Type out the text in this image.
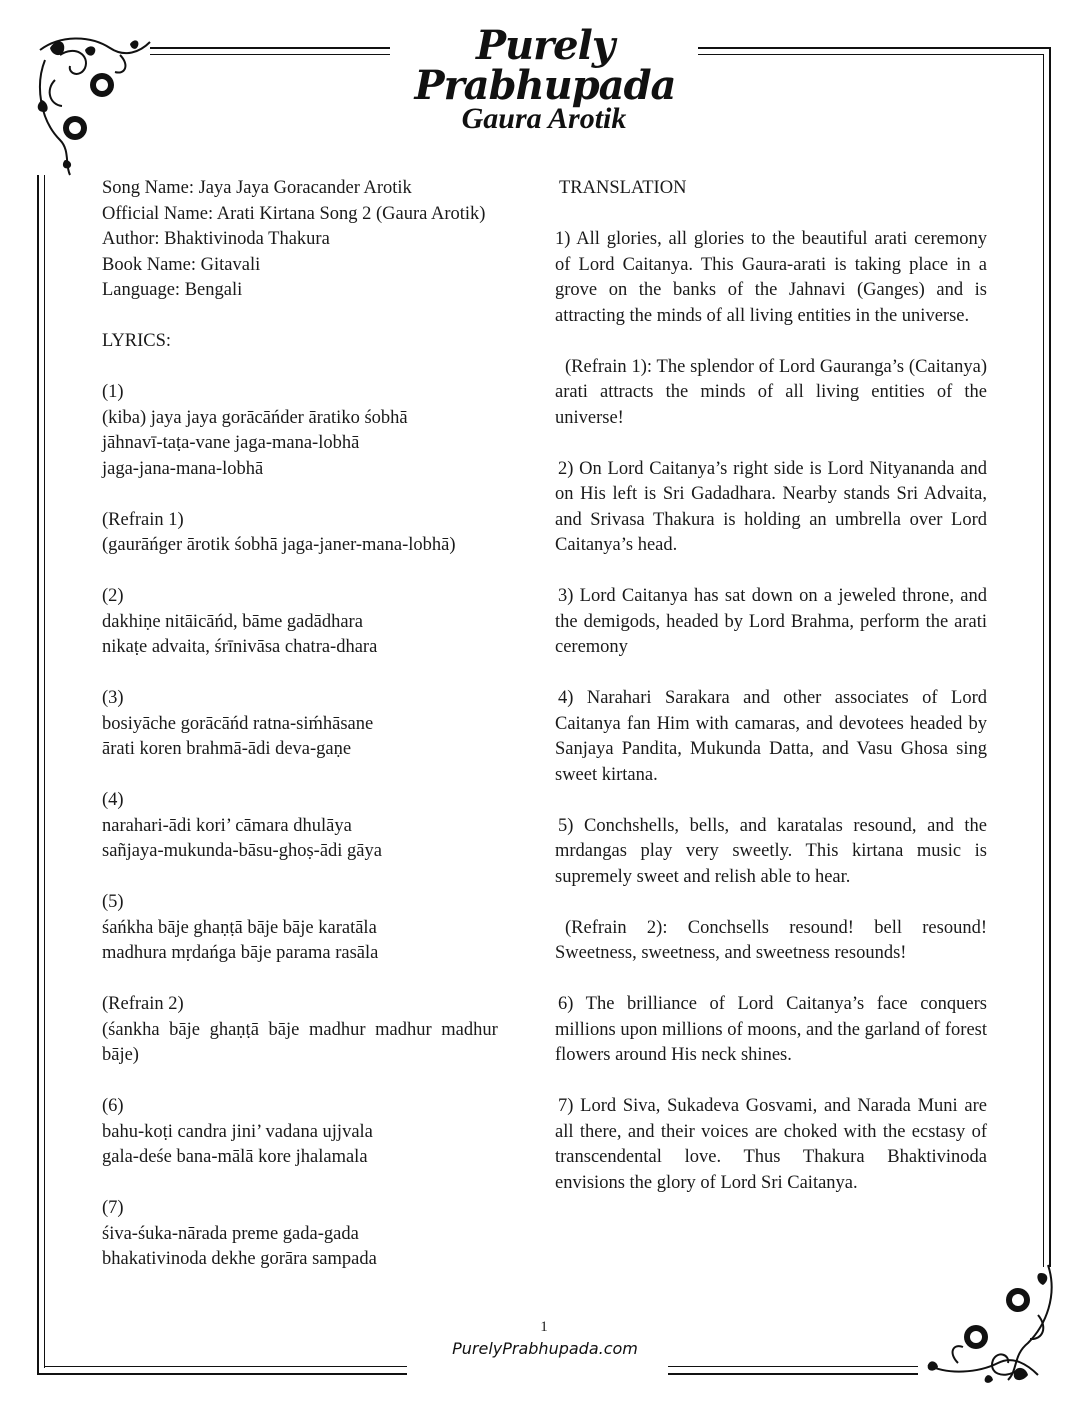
Purely Prabhupada
Gaura Arotik
Song Name: Jaya Jaya Goracander Arotik
Official Name: Arati Kirtana Song 2 (Gaura Arotik)
Author: Bhaktivinoda Thakura
Book Name: Gitavali
Language: Bengali
LYRICS:
(1)
(kiba) jaya jaya gorācāńder āratiko śobhā
jāhnavī-taṭa-vane jaga-mana-lobhā
jaga-jana-mana-lobhā
(Refrain 1)
(gaurāńger ārotik śobhā jaga-janer-mana-lobhā)
(2)
dakhiṇe nitāicāńd, bāme gadādhara
nikaṭe advaita, śrīnivāsa chatra-dhara
(3)
bosiyāche gorācāńd ratna-siḿhāsane
ārati koren brahmā-ādi deva-gaṇe
(4)
narahari-ādi kori’ cāmara dhulāya
sañjaya-mukunda-bāsu-ghoṣ-ādi gāya
(5)
śańkha bāje ghaṇṭā bāje bāje karatāla
madhura mṛdańga bāje parama rasāla
(Refrain 2)
(śankha bāje ghaṇṭā bāje madhur madhur madhur
bāje)
(6)
bahu-koṭi candra jini’ vadana ujjvala
gala-deśe bana-mālā kore jhalamala
(7)
śiva-śuka-nārada preme gada-gada
bhakativinoda dekhe gorāra sampada
TRANSLATION
1) All glories, all glories to the beautiful arati ceremony of Lord Caitanya. This Gaura-arati is taking place in a grove on the banks of the Jahnavi (Ganges) and is attracting the minds of all living entities in the universe.
(Refrain 1): The splendor of Lord Gauranga’s (Caitanya) arati attracts the minds of all living entities of the universe!
2) On Lord Caitanya’s right side is Lord Nityananda and on His left is Sri Gadadhara. Nearby stands Sri Advaita, and Srivasa Thakura is holding an umbrella over Lord Caitanya’s head.
3) Lord Caitanya has sat down on a jeweled throne, and the demigods, headed by Lord Brahma, perform the arati ceremony
4) Narahari Sarakara and other associates of Lord Caitanya fan Him with camaras, and devotees headed by Sanjaya Pandita, Mukunda Datta, and Vasu Ghosa sing sweet kirtana.
5) Conchshells, bells, and karatalas resound, and the mrdangas play very sweetly. This kirtana music is supremely sweet and relish able to hear.
(Refrain 2): Conchsells resound! bell resound! Sweetness, sweetness, and sweetness resounds!
6) The brilliance of Lord Caitanya’s face conquers millions upon millions of moons, and the garland of forest flowers around His neck shines.
7) Lord Siva, Sukadeva Gosvami, and Narada Muni are all there, and their voices are choked with the ecstasy of transcendental love. Thus Thakura Bhaktivinoda envisions the glory of Lord Sri Caitanya.
1
PurelyPrabhupada.com
